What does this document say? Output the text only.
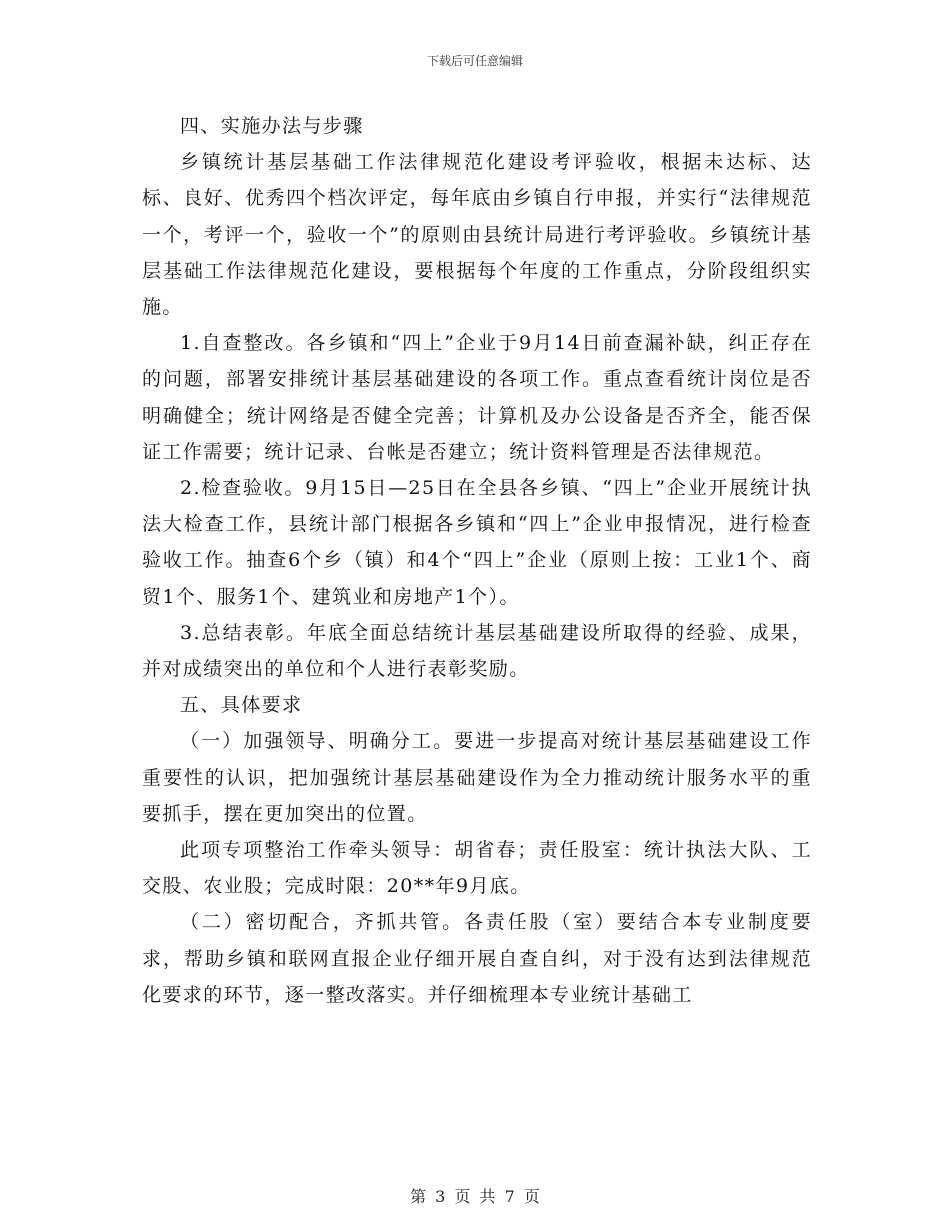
下载后可任意编辑

四、实施办法与步骤

乡镇统计基层基础工作法律规范化建设考评验收，根据未达标、达标、良好、优秀四个档次评定，每年底由乡镇自行申报，并实行“法律规范一个，考评一个，验收一个”的原则由县统计局进行考评验收。乡镇统计基层基础工作法律规范化建设，要根据每个年度的工作重点，分阶段组织实施。

1.自查整改。各乡镇和“四上”企业于9月14日前查漏补缺，纠正存在的问题，部署安排统计基层基础建设的各项工作。重点查看统计岗位是否明确健全；统计网络是否健全完善；计算机及办公设备是否齐全，能否保证工作需要；统计记录、台帐是否建立；统计资料管理是否法律规范。

2.检查验收。9月15日—25日在全县各乡镇、“四上”企业开展统计执法大检查工作，县统计部门根据各乡镇和“四上”企业申报情况，进行检查验收工作。抽查6个乡（镇）和4个“四上”企业（原则上按：工业1个、商贸1个、服务1个、建筑业和房地产1个）。

3.总结表彰。年底全面总结统计基层基础建设所取得的经验、成果，并对成绩突出的单位和个人进行表彰奖励。

五、具体要求

（一）加强领导、明确分工。要进一步提高对统计基层基础建设工作重要性的认识，把加强统计基层基础建设作为全力推动统计服务水平的重要抓手，摆在更加突出的位置。

此项专项整治工作牵头领导：胡省春；责任股室：统计执法大队、工交股、农业股；完成时限：20**年9月底。

（二）密切配合，齐抓共管。各责任股（室）要结合本专业制度要求，帮助乡镇和联网直报企业仔细开展自查自纠，对于没有达到法律规范化要求的环节，逐一整改落实。并仔细梳理本专业统计基础工

第 3 页 共 7 页
